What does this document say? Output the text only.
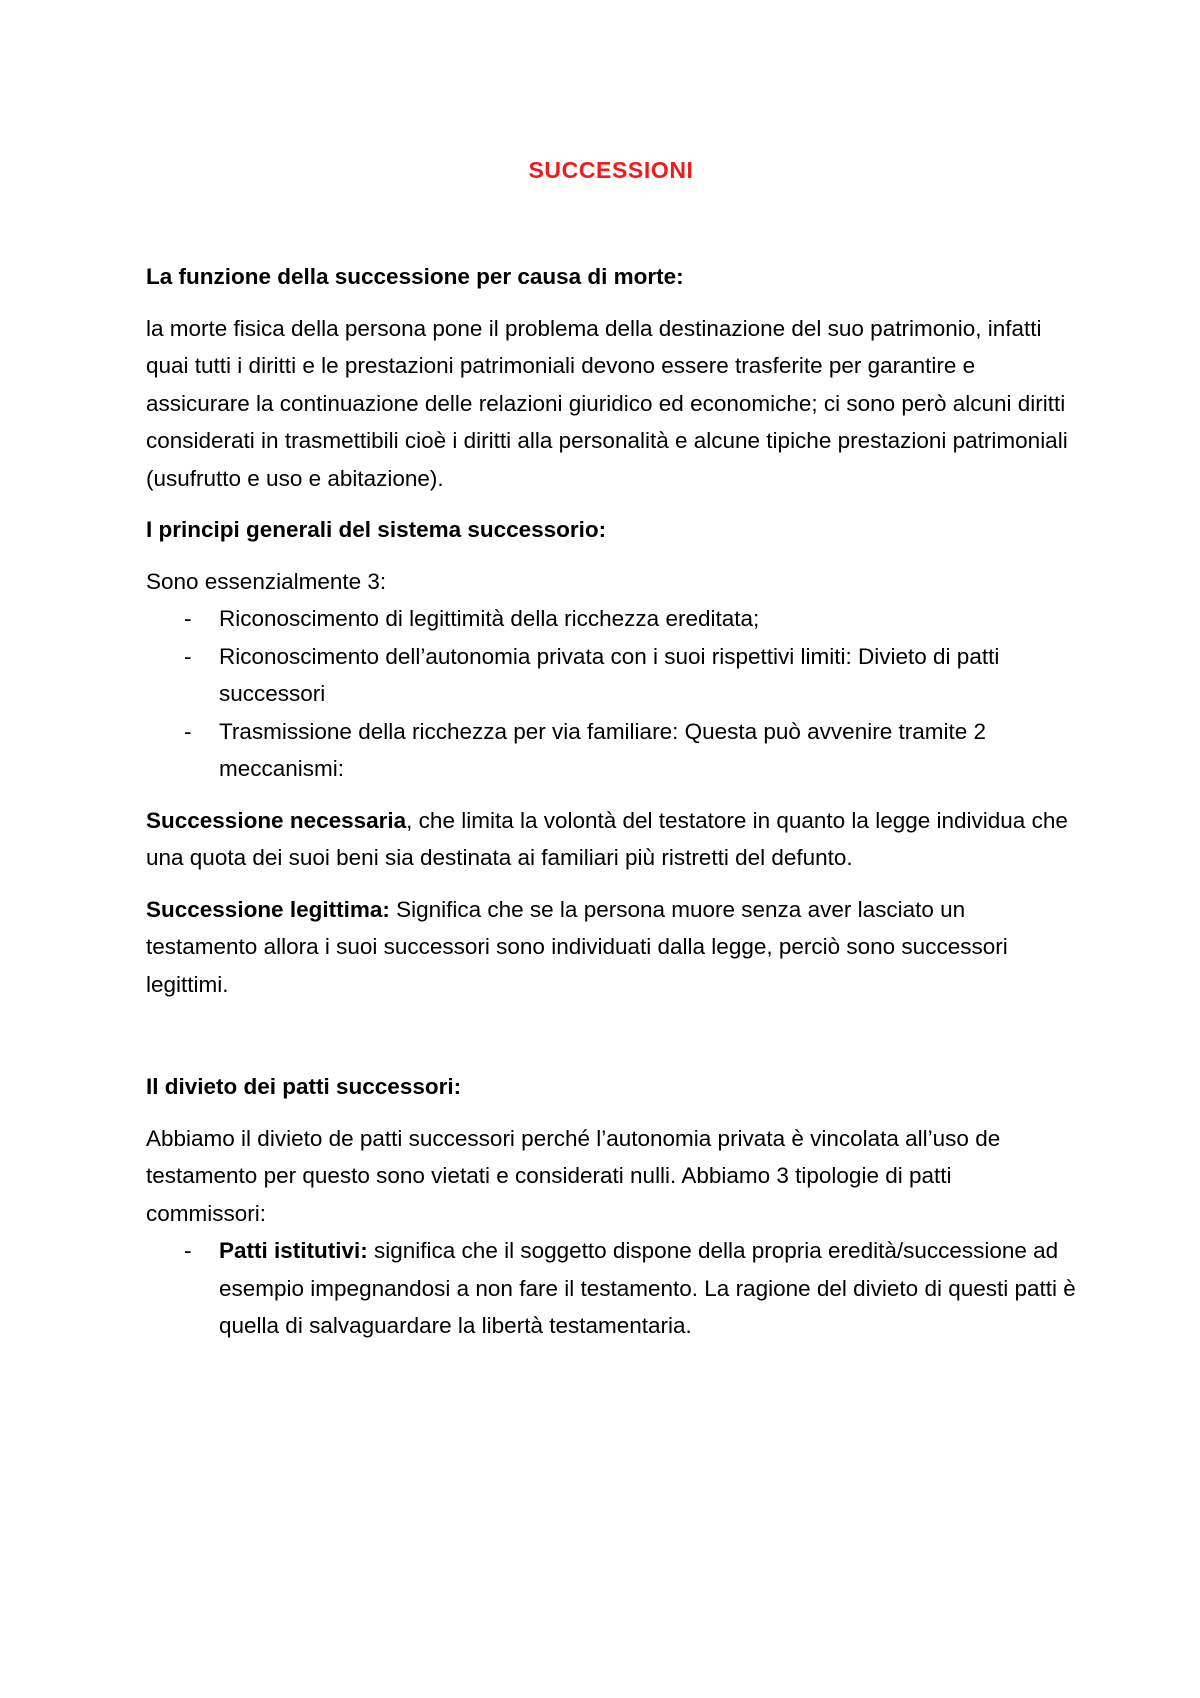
SUCCESSIONI

La funzione della successione per causa di morte:

la morte fisica della persona pone il problema della destinazione del suo patrimonio, infatti quai tutti i diritti e le prestazioni patrimoniali devono essere trasferite per garantire e assicurare la continuazione delle relazioni giuridico ed economiche; ci sono però alcuni diritti considerati in trasmettibili cioè i diritti alla personalità e alcune tipiche prestazioni patrimoniali (usufrutto e uso e abitazione).

I principi generali del sistema successorio:

Sono essenzialmente 3:

- Riconoscimento di legittimità della ricchezza ereditata;
- Riconoscimento dell’autonomia privata con i suoi rispettivi limiti: Divieto di patti successori
- Trasmissione della ricchezza per via familiare: Questa può avvenire tramite 2 meccanismi:

Successione necessaria, che limita la volontà del testatore in quanto la legge individua che una quota dei suoi beni sia destinata ai familiari più ristretti del defunto.

Successione legittima: Significa che se la persona muore senza aver lasciato un testamento allora i suoi successori sono individuati dalla legge, perciò sono successori legittimi.

Il divieto dei patti successori:

Abbiamo il divieto de patti successori perché l’autonomia privata è vincolata all’uso de testamento per questo sono vietati e considerati nulli. Abbiamo 3 tipologie di patti commissori:

- Patti istitutivi: significa che il soggetto dispone della propria eredità/successione ad esempio impegnandosi a non fare il testamento. La ragione del divieto di questi patti è quella di salvaguardare la libertà testamentaria.
